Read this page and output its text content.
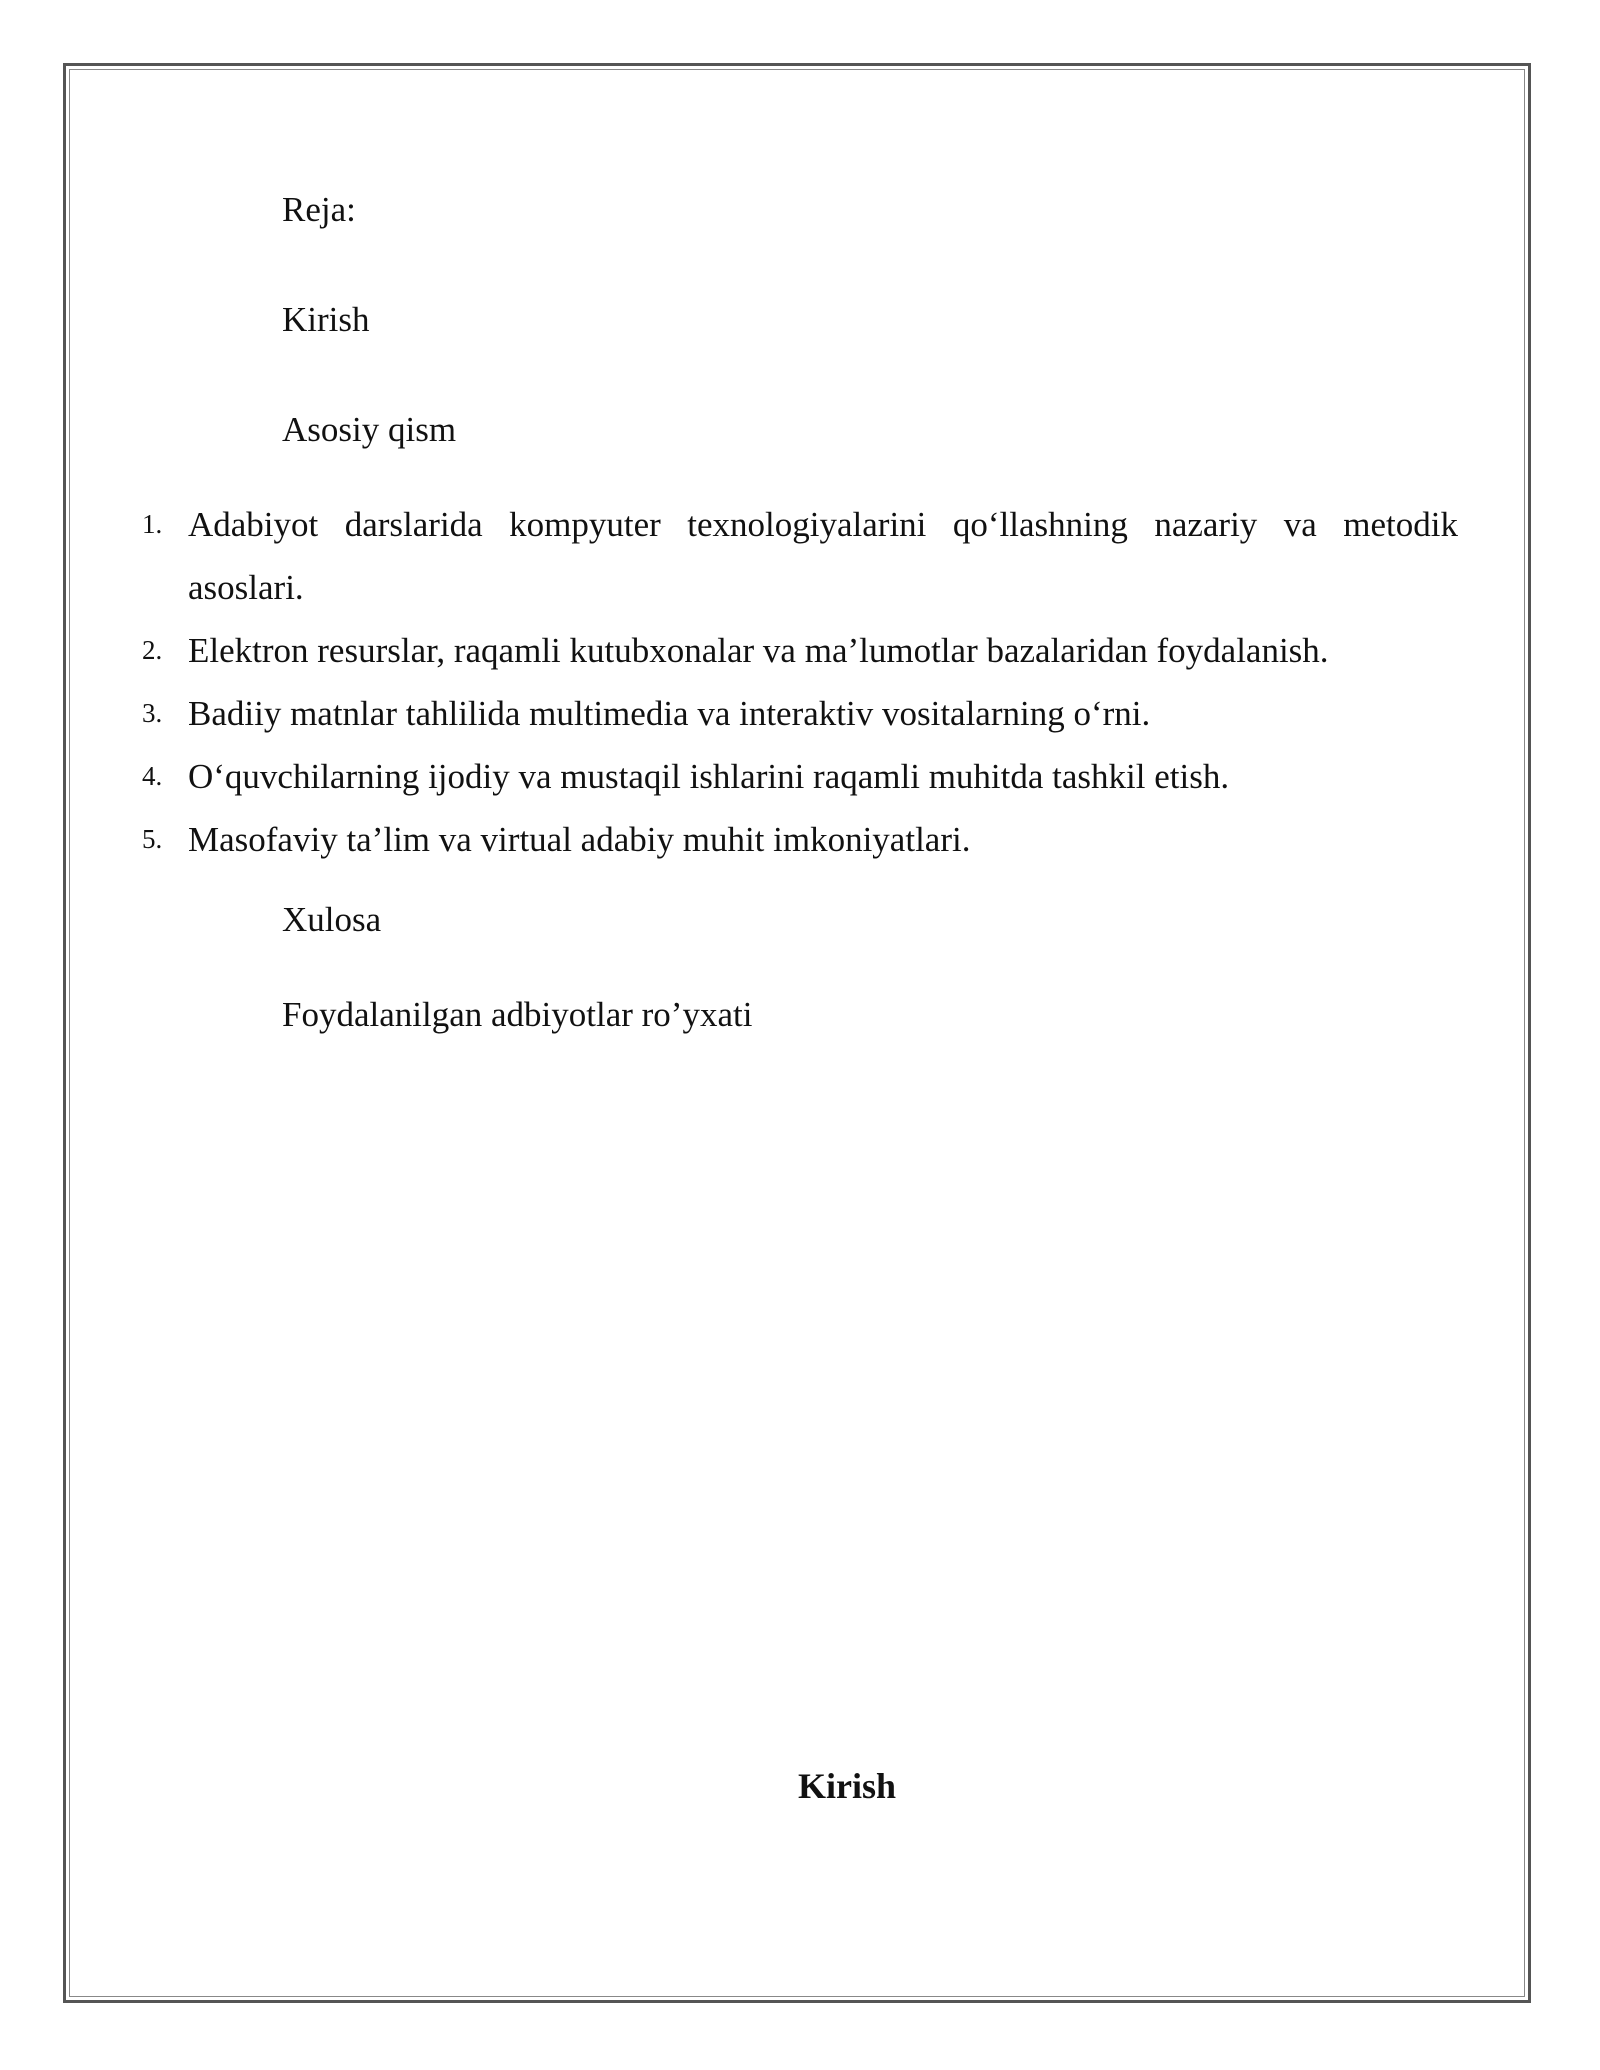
Reja:
Kirish
Asosiy qism
1. Adabiyot darslarida kompyuter texnologiyalarini qo‘llashning nazariy va metodik
asoslari.
2. Elektron resurslar, raqamli kutubxonalar va ma’lumotlar bazalaridan foydalanish.
3. Badiiy matnlar tahlilida multimedia va interaktiv vositalarning o‘rni.
4. O‘quvchilarning ijodiy va mustaqil ishlarini raqamli muhitda tashkil etish.
5. Masofaviy ta’lim va virtual adabiy muhit imkoniyatlari.
Xulosa
Foydalanilgan adbiyotlar ro’yxati
Kirish
